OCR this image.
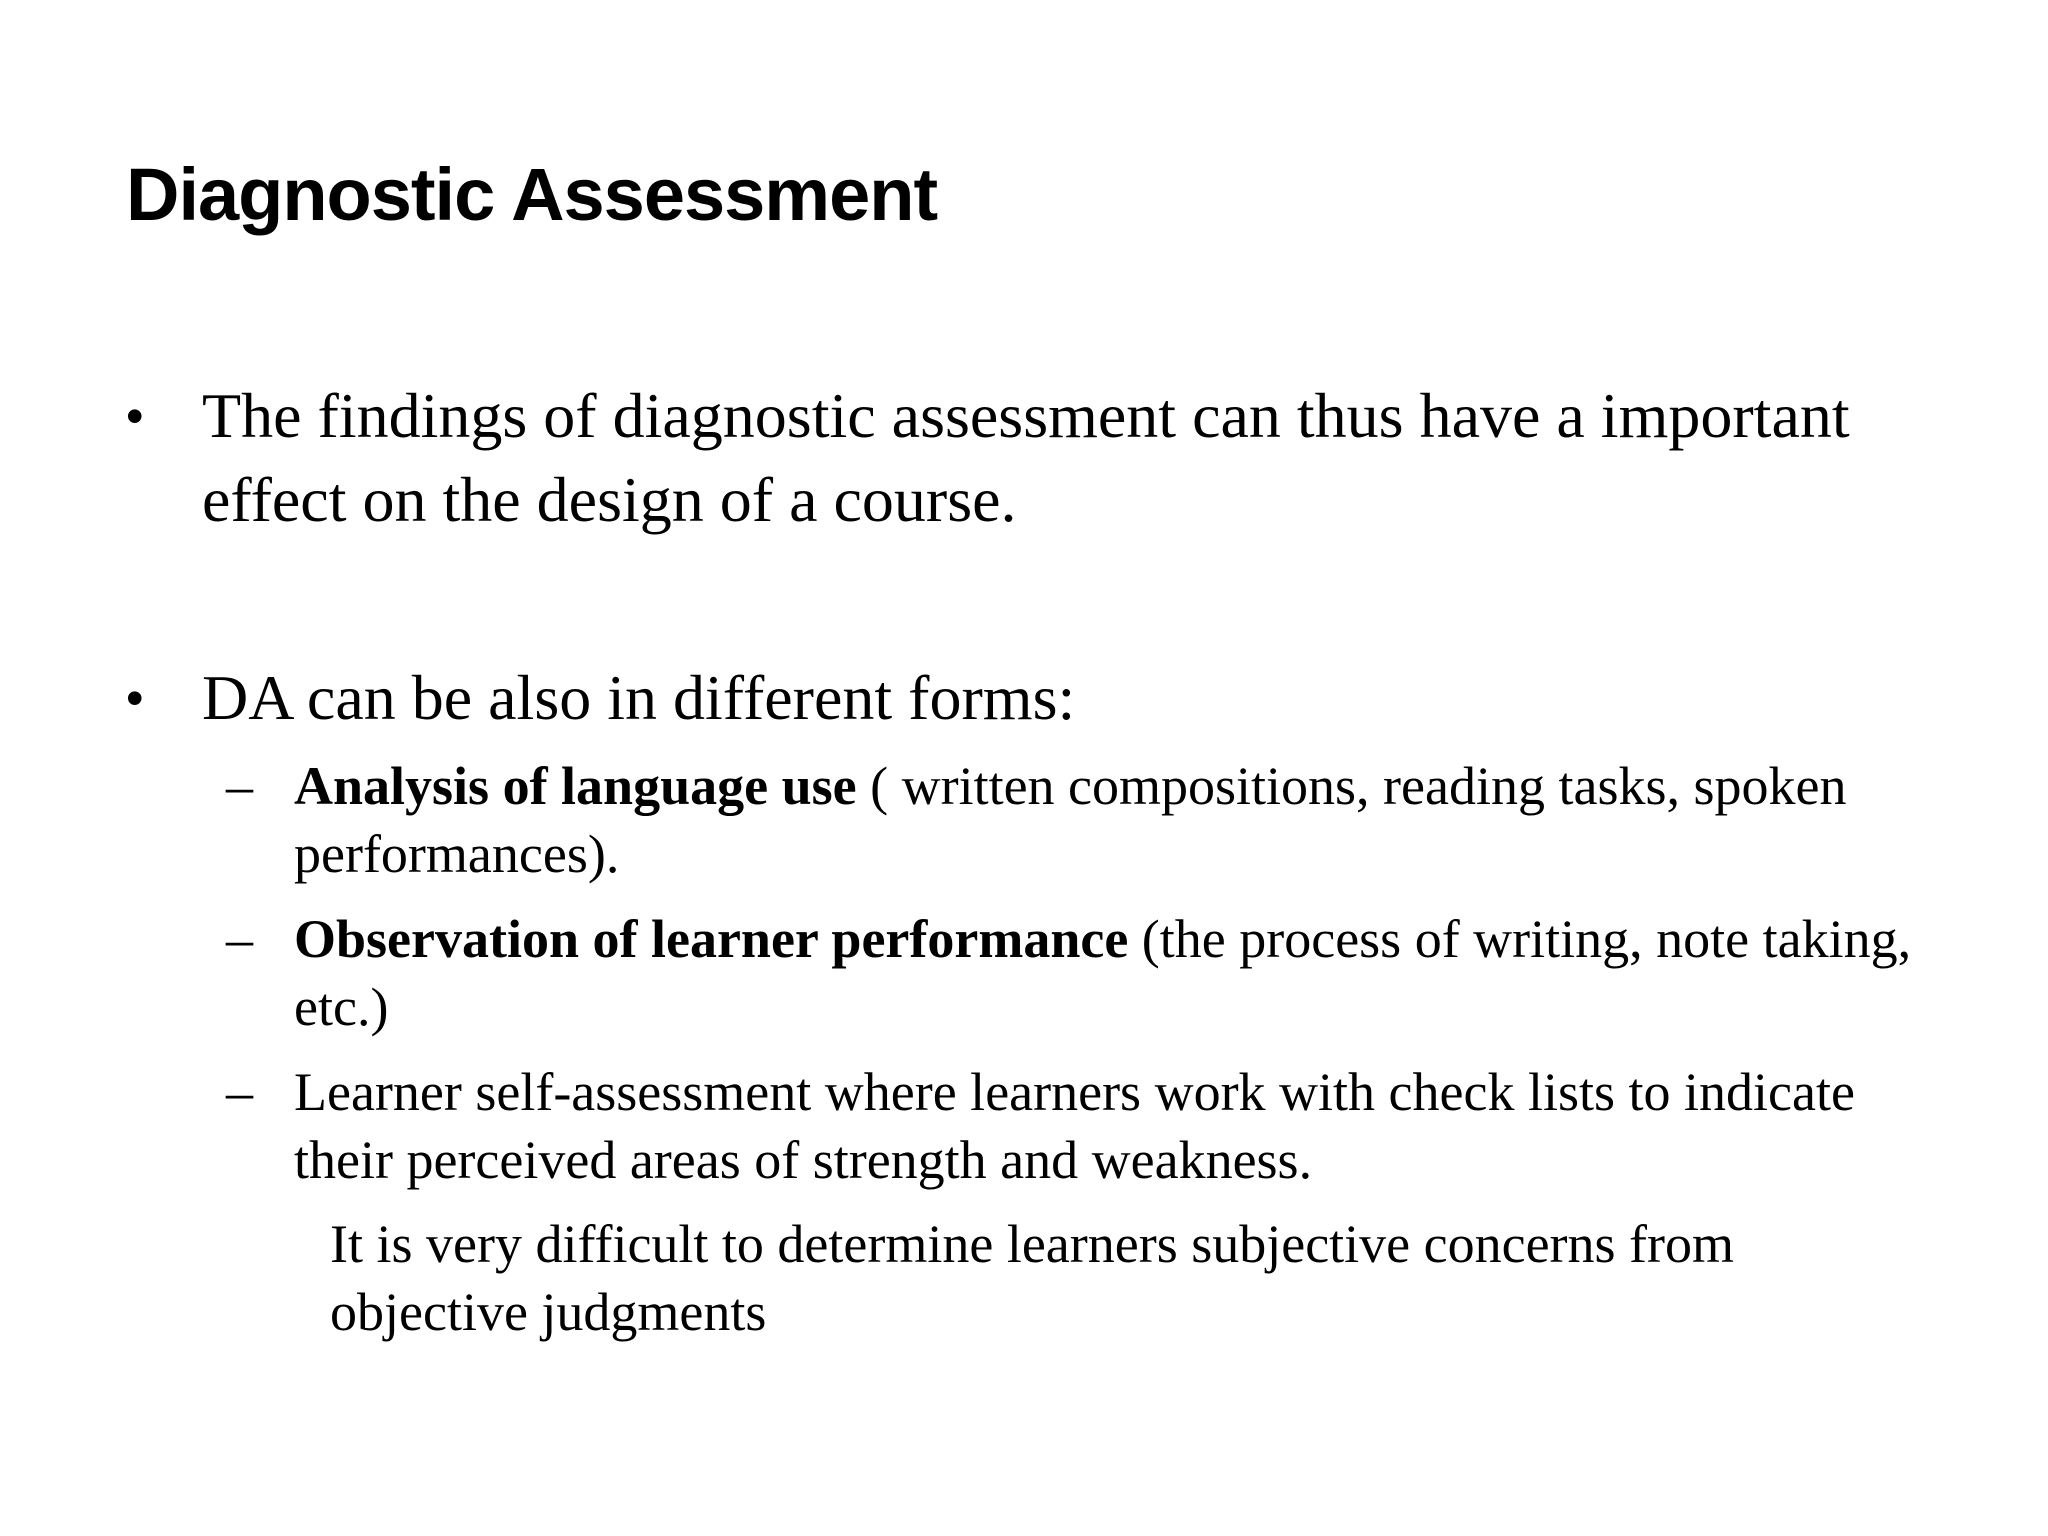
Diagnostic Assessment
• The findings of diagnostic assessment can thus have a important effect on the design of a course.
• DA can be also in different forms:
– Analysis of language use ( written compositions, reading tasks, spoken performances).
– Observation of learner performance (the process of writing, note taking, etc.)
– Learner self-assessment where learners work with check lists to indicate their perceived areas of strength and weakness.
It is very difficult to determine learners subjective concerns from objective judgments
